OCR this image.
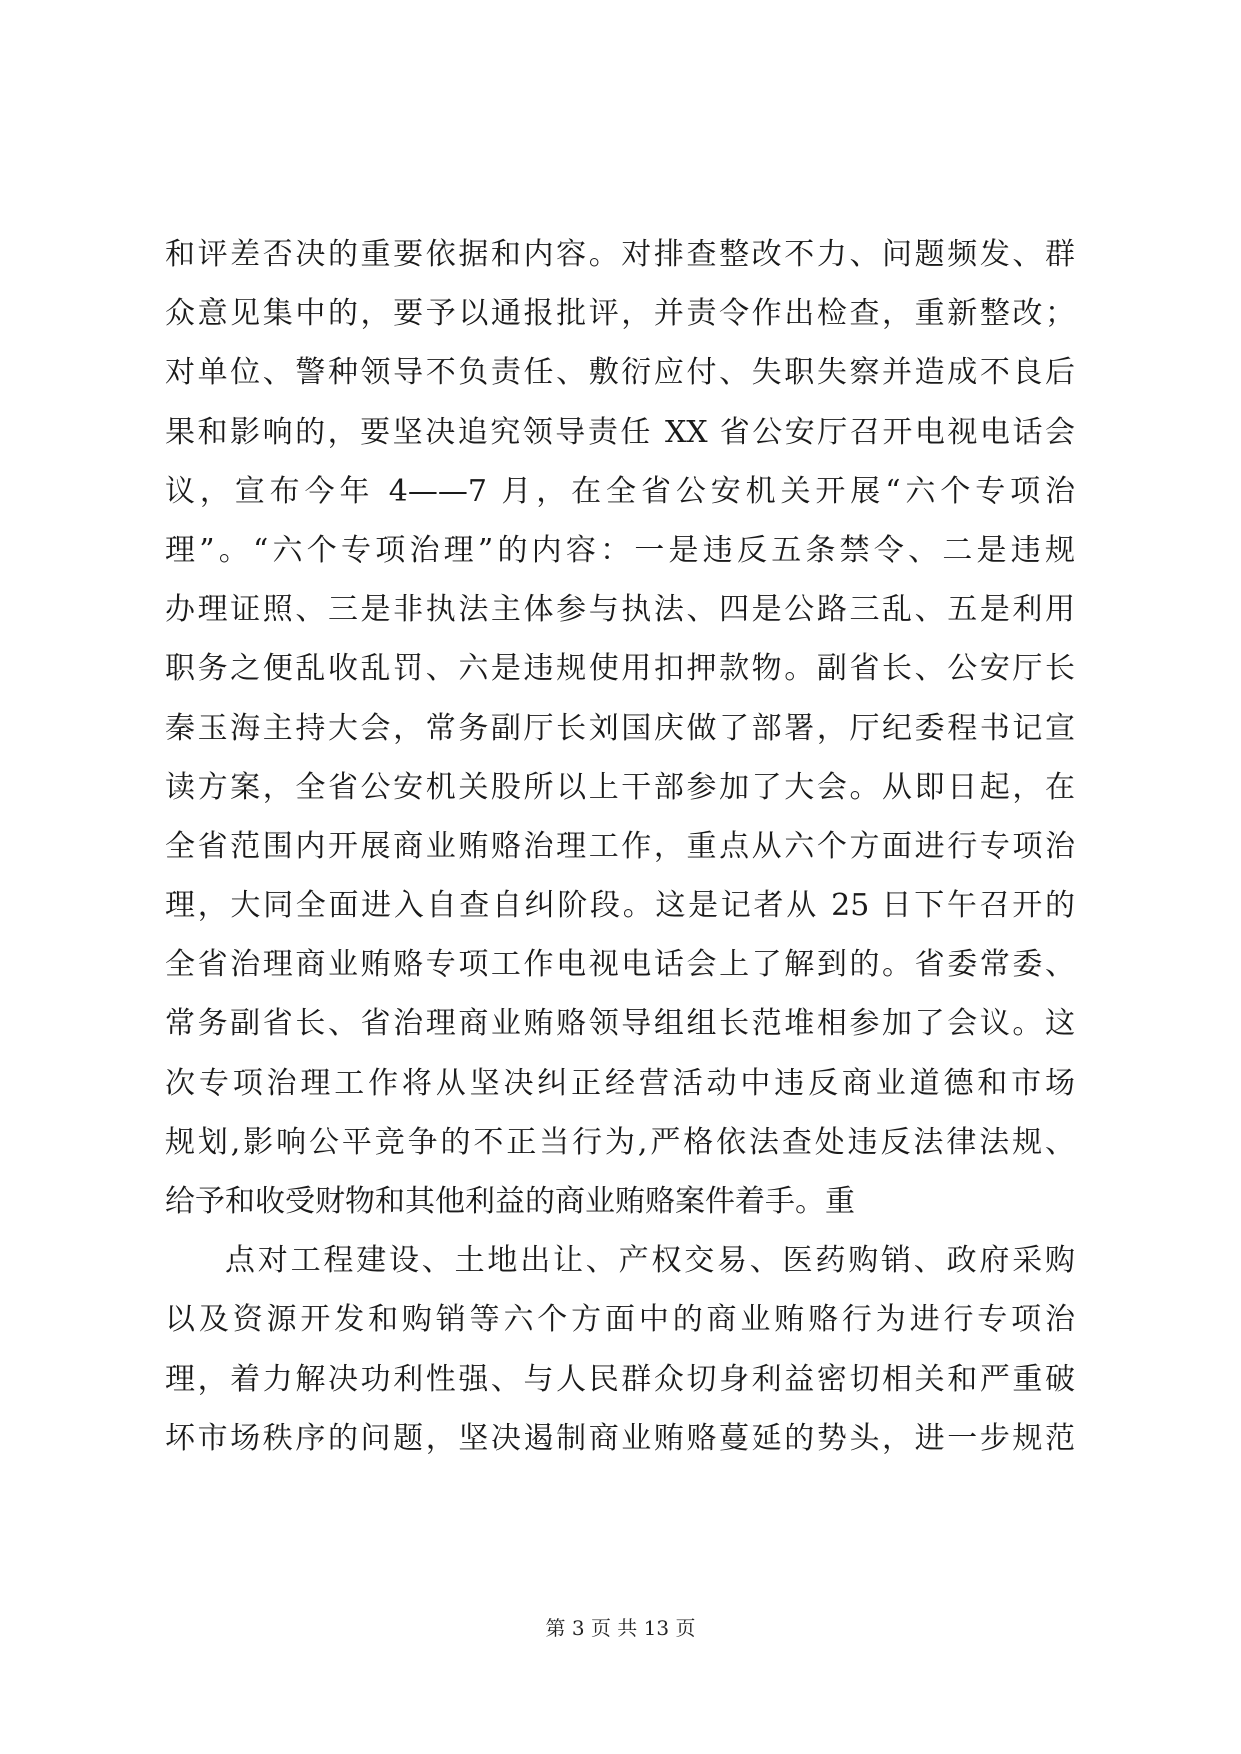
和评差否决的重要依据和内容。对排查整改不力、问题频发、群
众意见集中的，要予以通报批评，并责令作出检查，重新整改；
对单位、警种领导不负责任、敷衍应付、失职失察并造成不良后
果和影响的，要坚决追究领导责任 XX 省公安厅召开电视电话会
议，宣布今年 4——7 月，在全省公安机关开展“六个专项治
理”。“六个专项治理”的内容：一是违反五条禁令、二是违规
办理证照、三是非执法主体参与执法、四是公路三乱、五是利用
职务之便乱收乱罚、六是违规使用扣押款物。副省长、公安厅长
秦玉海主持大会，常务副厅长刘国庆做了部署，厅纪委程书记宣
读方案，全省公安机关股所以上干部参加了大会。从即日起，在
全省范围内开展商业贿赂治理工作，重点从六个方面进行专项治
理，大同全面进入自查自纠阶段。这是记者从 25 日下午召开的
全省治理商业贿赂专项工作电视电话会上了解到的。省委常委、
常务副省长、省治理商业贿赂领导组组长范堆相参加了会议。这
次专项治理工作将从坚决纠正经营活动中违反商业道德和市场
规划,影响公平竞争的不正当行为,严格依法查处违反法律法规、
给予和收受财物和其他利益的商业贿赂案件着手。重
点对工程建设、土地出让、产权交易、医药购销、政府采购
以及资源开发和购销等六个方面中的商业贿赂行为进行专项治
理，着力解决功利性强、与人民群众切身利益密切相关和严重破
坏市场秩序的问题，坚决遏制商业贿赂蔓延的势头，进一步规范
第 3 页 共 13 页
